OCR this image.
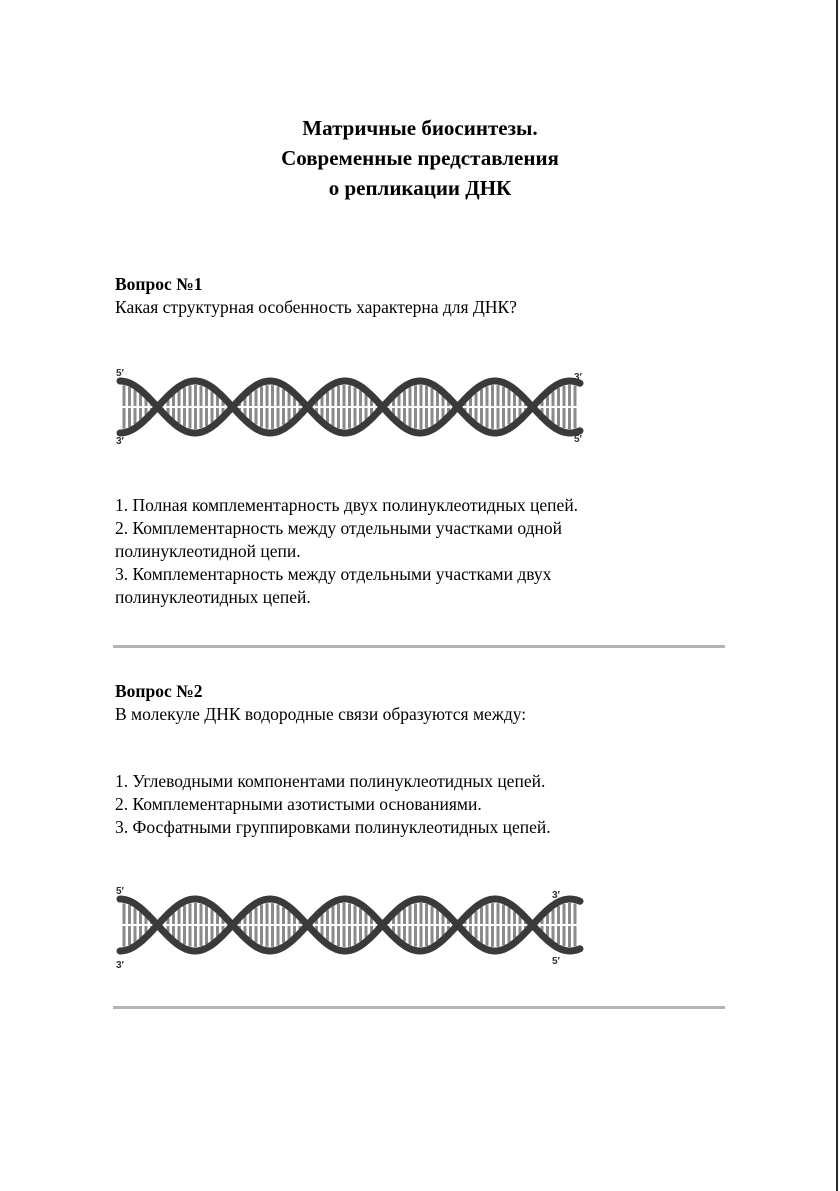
Матричные биосинтезы.
Современные представления
о репликации ДНК
Вопрос №1
Какая структурная особенность характерна для ДНК?
5′	3′
3′	5′
1. Полная комплементарность двух полинуклеотидных цепей.
2. Комплементарность между отдельными участками одной
полинуклеотидной цепи.
3. Комплементарность между отдельными участками двух
полинуклеотидных цепей.
Вопрос №2
В молекуле ДНК водородные связи образуются между:
1. Углеводными компонентами полинуклеотидных цепей.
2. Комплементарными азотистыми основаниями.
3. Фосфатными группировками полинуклеотидных цепей.
5′	3′
3′	5′
